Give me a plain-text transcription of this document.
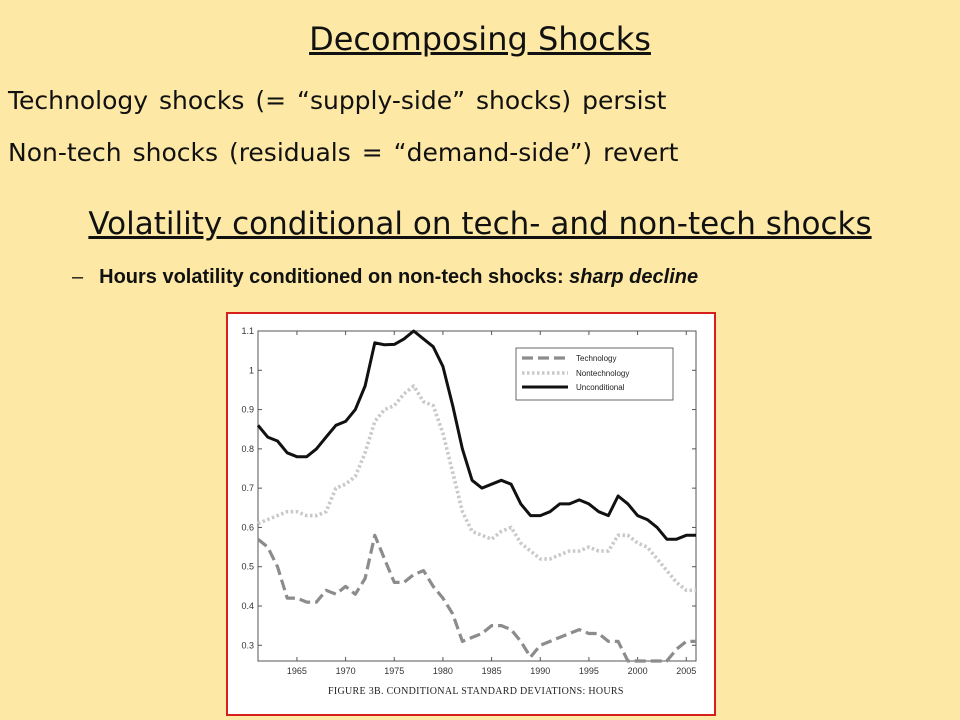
Decomposing Shocks
Technology shocks (= “supply-side” shocks) persist
Non-tech shocks (residuals = “demand-side”) revert
Volatility conditional on tech- and non-tech shocks
– Hours volatility conditioned on non-tech shocks: sharp decline
0.3
0.4
0.5
0.6
0.7
0.8
0.9
1
1.1
1965	1970	1975	1980	1985	1990	1995	2000	2005
Technology
Nontechnology
Unconditional
FIGURE 3B. CONDITIONAL STANDARD DEVIATIONS: HOURS
